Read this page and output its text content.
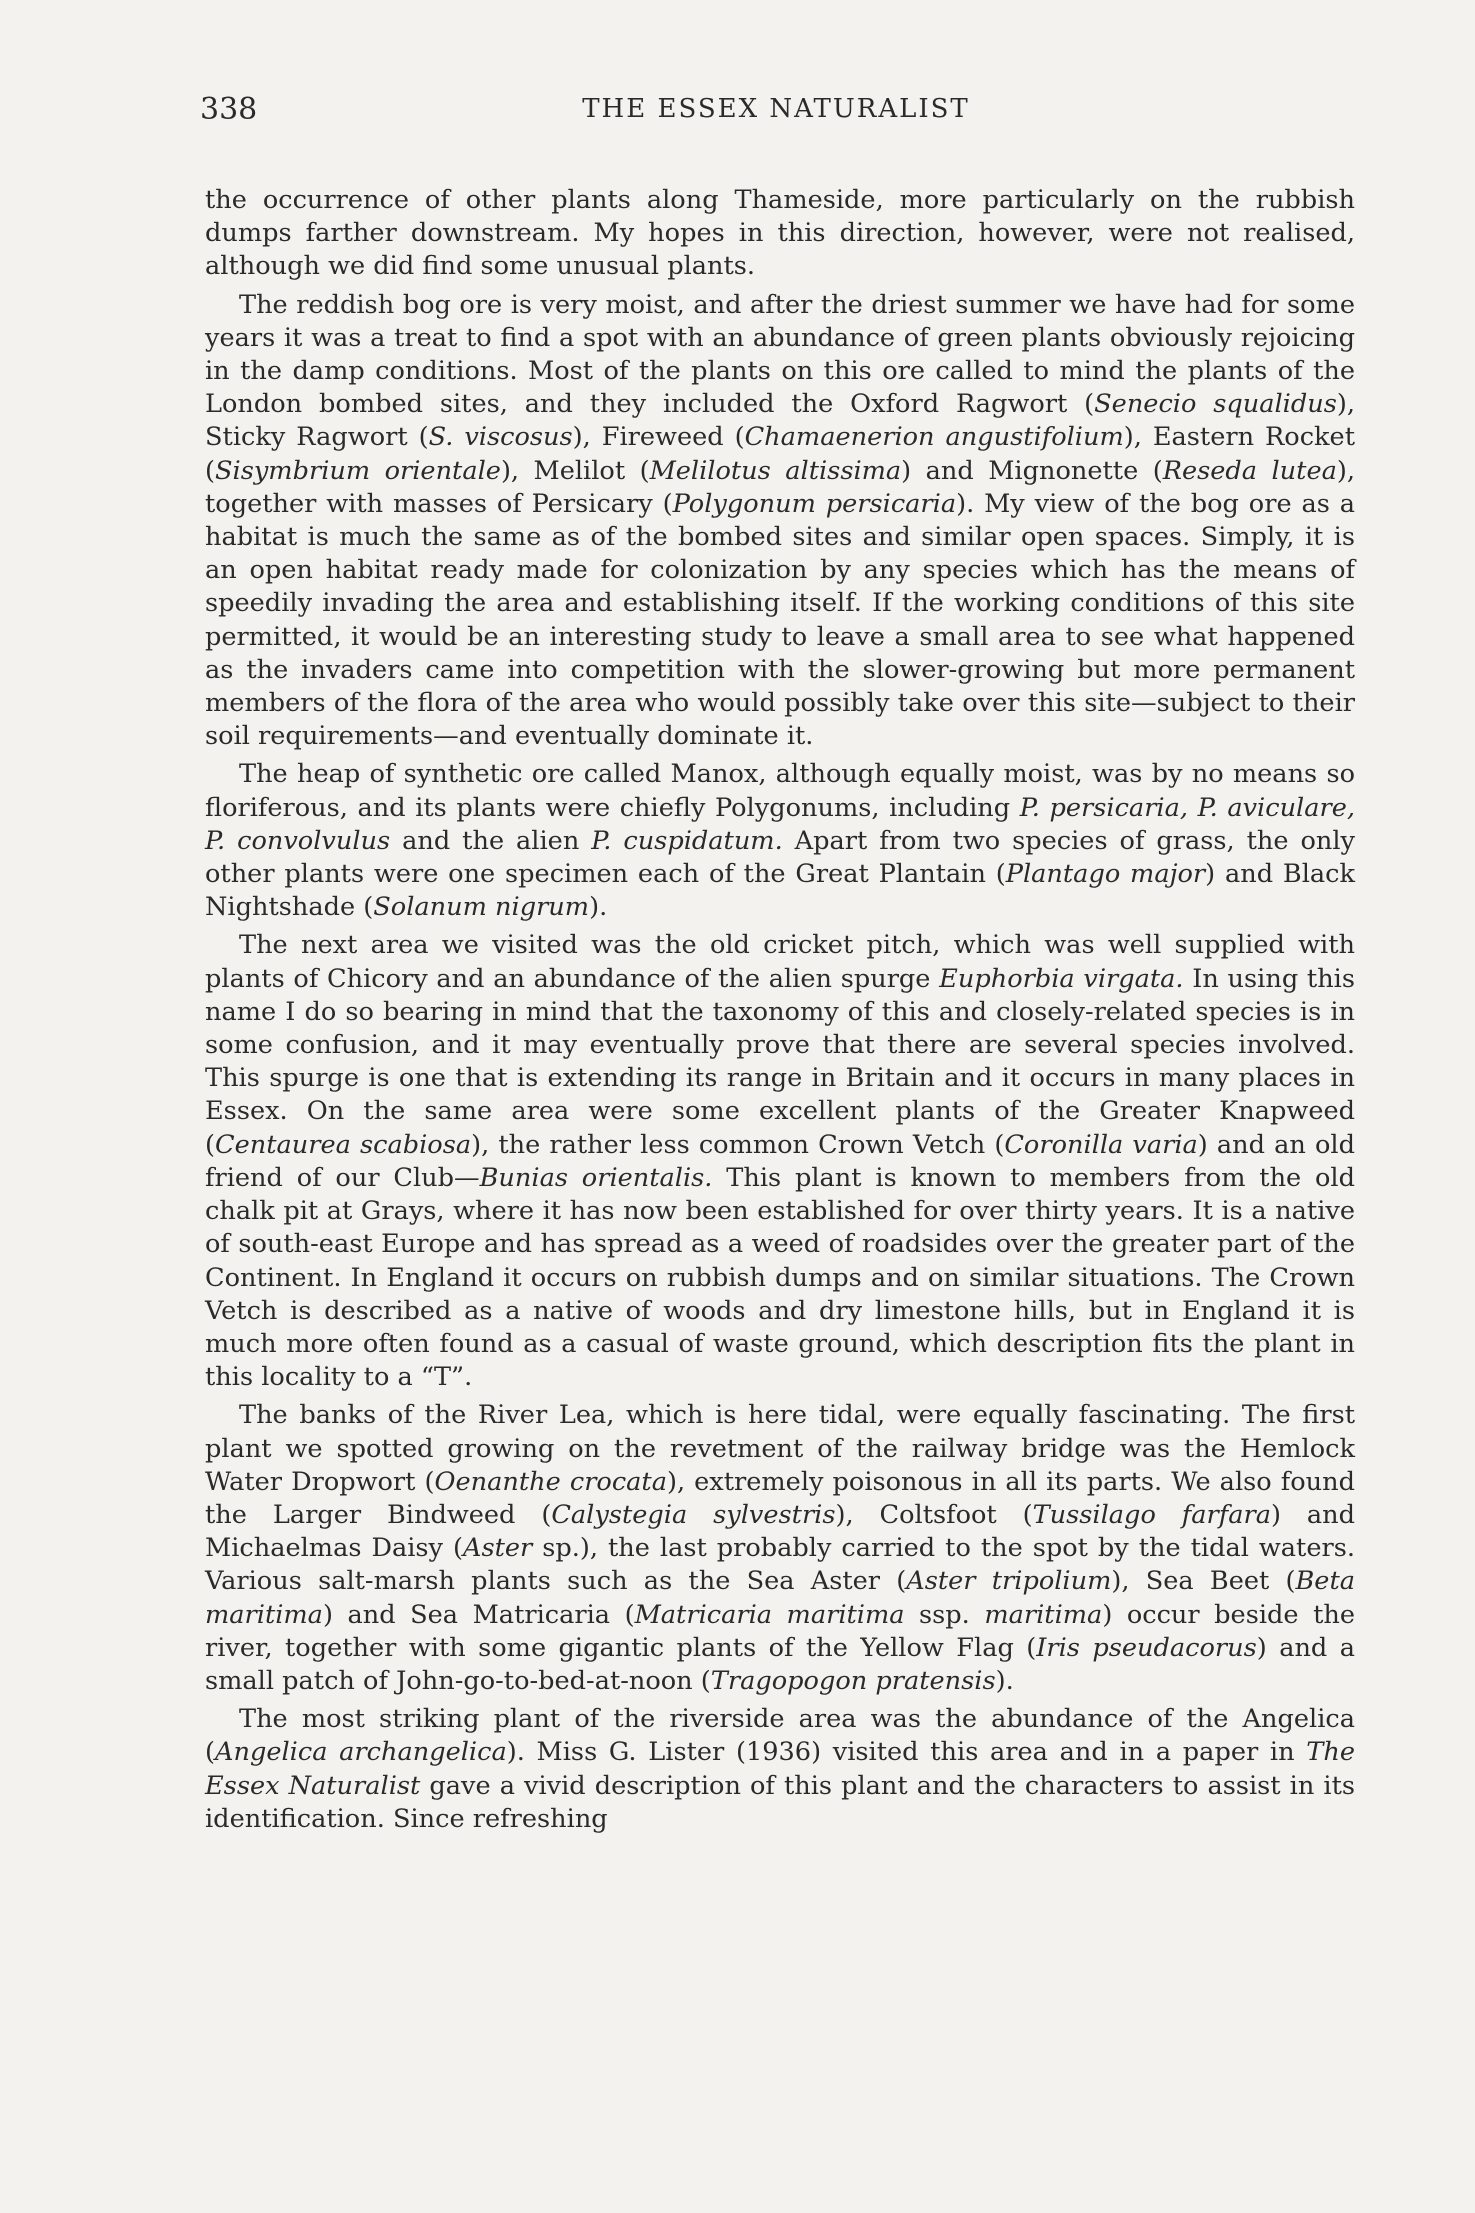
338	THE ESSEX NATURALIST

the occurrence of other plants along Thameside, more particularly on the rubbish dumps farther downstream. My hopes in this direction, however, were not realised, although we did find some unusual plants.

The reddish bog ore is very moist, and after the driest summer we have had for some years it was a treat to find a spot with an abundance of green plants obviously rejoicing in the damp conditions. Most of the plants on this ore called to mind the plants of the London bombed sites, and they included the Oxford Ragwort (Senecio squalidus), Sticky Ragwort (S. viscosus), Fireweed (Chamaenerion angustifolium), Eastern Rocket (Sisymbrium orientale), Melilot (Melilotus altissima) and Mignonette (Reseda lutea), together with masses of Persicary (Polygonum persicaria). My view of the bog ore as a habitat is much the same as of the bombed sites and similar open spaces. Simply, it is an open habitat ready made for colonization by any species which has the means of speedily invading the area and establishing itself. If the working conditions of this site permitted, it would be an interesting study to leave a small area to see what happened as the invaders came into competition with the slower-growing but more permanent members of the flora of the area who would possibly take over this site—subject to their soil requirements—and eventually dominate it.

The heap of synthetic ore called Manox, although equally moist, was by no means so floriferous, and its plants were chiefly Polygonums, including P. persicaria, P. aviculare, P. convolvulus and the alien P. cuspidatum. Apart from two species of grass, the only other plants were one specimen each of the Great Plantain (Plantago major) and Black Nightshade (Solanum nigrum).

The next area we visited was the old cricket pitch, which was well supplied with plants of Chicory and an abundance of the alien spurge Euphorbia virgata. In using this name I do so bearing in mind that the taxonomy of this and closely-related species is in some confusion, and it may eventually prove that there are several species involved. This spurge is one that is extending its range in Britain and it occurs in many places in Essex. On the same area were some excellent plants of the Greater Knapweed (Centaurea scabiosa), the rather less common Crown Vetch (Coronilla varia) and an old friend of our Club—Bunias orientalis. This plant is known to members from the old chalk pit at Grays, where it has now been established for over thirty years. It is a native of south-east Europe and has spread as a weed of roadsides over the greater part of the Continent. In England it occurs on rubbish dumps and on similar situations. The Crown Vetch is described as a native of woods and dry limestone hills, but in England it is much more often found as a casual of waste ground, which description fits the plant in this locality to a “T”.

The banks of the River Lea, which is here tidal, were equally fascinating. The first plant we spotted growing on the revetment of the railway bridge was the Hemlock Water Dropwort (Oenanthe crocata), extremely poisonous in all its parts. We also found the Larger Bindweed (Calystegia sylvestris), Coltsfoot (Tussilago farfara) and Michaelmas Daisy (Aster sp.), the last probably carried to the spot by the tidal waters. Various salt-marsh plants such as the Sea Aster (Aster tripolium), Sea Beet (Beta maritima) and Sea Matricaria (Matricaria maritima ssp. maritima) occur beside the river, together with some gigantic plants of the Yellow Flag (Iris pseudacorus) and a small patch of John-go-to-bed-at-noon (Tragopogon pratensis).

The most striking plant of the riverside area was the abundance of the Angelica (Angelica archangelica). Miss G. Lister (1936) visited this area and in a paper in The Essex Naturalist gave a vivid description of this plant and the characters to assist in its identification. Since refreshing
